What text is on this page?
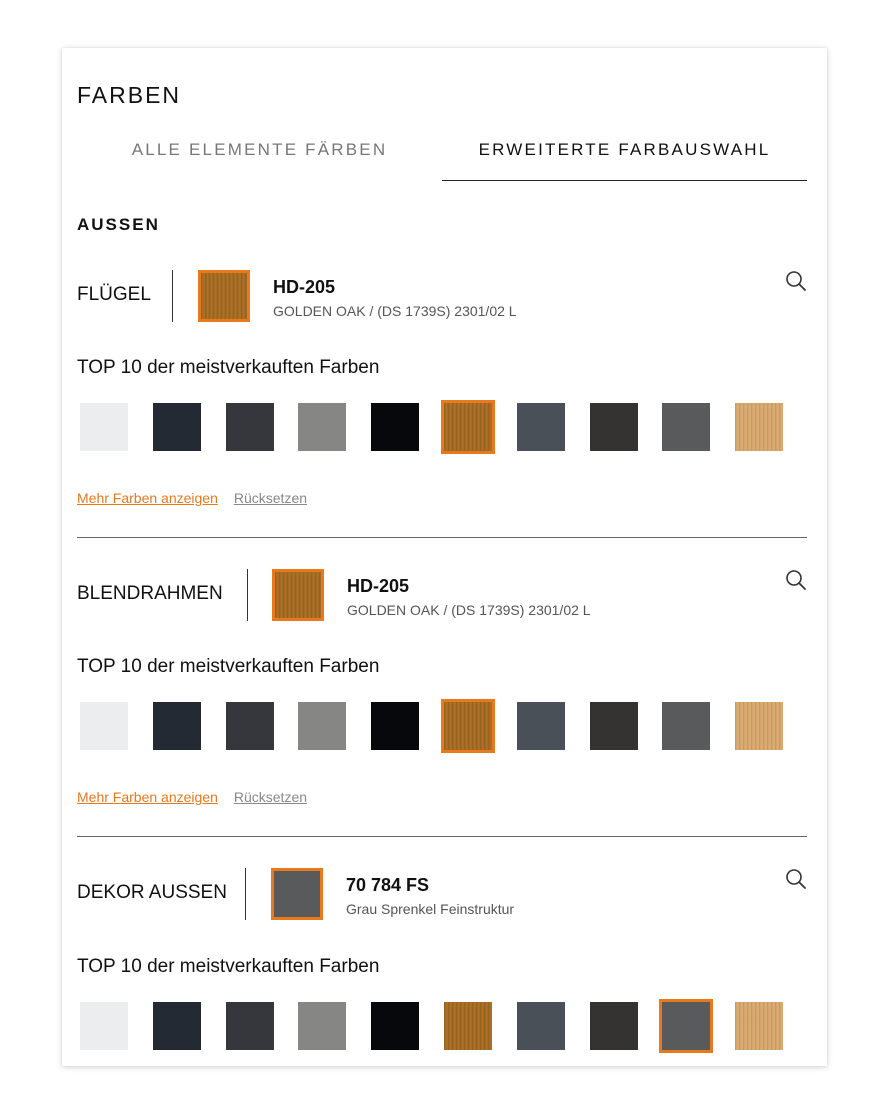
FARBEN
ALLE ELEMENTE FÄRBEN	ERWEITERTE FARBAUSWAHL
AUSSEN
FLÜGEL	HD-205
GOLDEN OAK / (DS 1739S) 2301/02 L
TOP 10 der meistverkauften Farben
Mehr Farben anzeigen Rücksetzen
BLENDRAHMEN	HD-205
GOLDEN OAK / (DS 1739S) 2301/02 L
TOP 10 der meistverkauften Farben
Mehr Farben anzeigen Rücksetzen
DEKOR AUSSEN	70 784 FS
Grau Sprenkel Feinstruktur
TOP 10 der meistverkauften Farben
